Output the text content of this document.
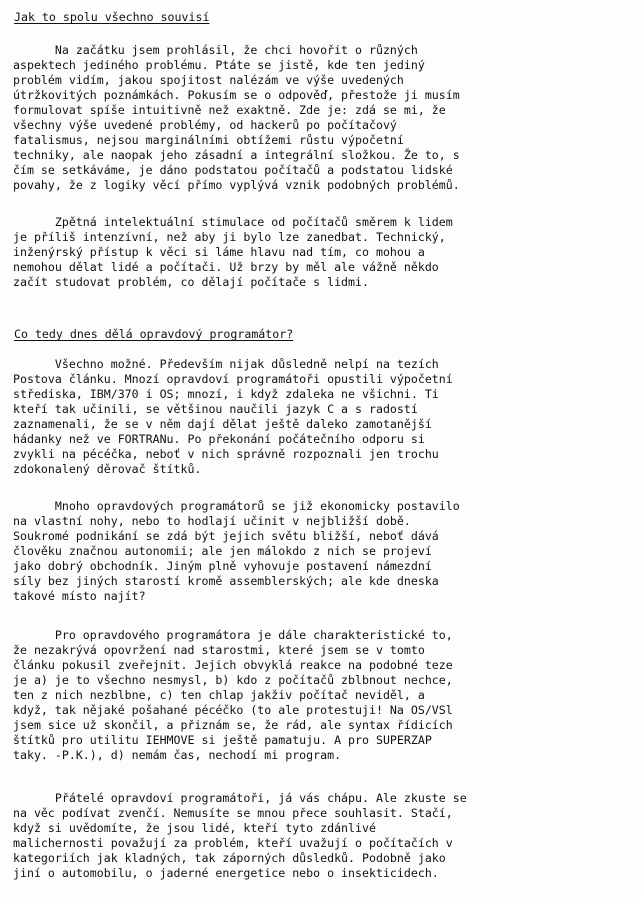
Jak to spolu všechno souvisí
Na začátku jsem prohlásil, že chci hovořit o různých
aspektech jediného problému. Ptáte se jistě, kde ten jediný
problém vidím, jakou spojitost nalézám ve výše uvedených
útržkovitých poznámkách. Pokusím se o odpověď, přestože ji musím
formulovat spíše intuitivně než exaktně. Zde je: zdá se mi, že
všechny výše uvedené problémy, od hackerů po počítačový
fatalismus, nejsou marginálními obtížemi růstu výpočetní
techniky, ale naopak jeho zásadní a integrální složkou. Že to, s
čím se setkáváme, je dáno podstatou počítačů a podstatou lidské
povahy, že z logiky věcí přímo vyplývá vznik podobných problémů.
Zpětná intelektuální stimulace od počítačů směrem k lidem
je příliš intenzívní, než aby ji bylo lze zanedbat. Technický,
inženýrský přístup k věci si láme hlavu nad tím, co mohou a
nemohou dělat lidé a počítači. Už brzy by měl ale vážně někdo
začít studovat problém, co dělají počítače s lidmi.
Co tedy dnes dělá opravdový programátor?
Všechno možné. Především nijak důsledně nelpí na tezích
Postova článku. Mnozí opravdoví programátoři opustili výpočetní
střediska, IBM/370 i OS; mnozí, i když zdaleka ne všichni. Ti
kteří tak učinili, se většinou naučili jazyk C a s radostí
zaznamenali, že se v něm dají dělat ještě daleko zamotanější
hádanky než ve FORTRANu. Po překonání počátečního odporu si
zvykli na pécéčka, neboť v nich správně rozpoznali jen trochu
zdokonalený děrovač štítků.
Mnoho opravdových programátorů se již ekonomicky postavilo
na vlastní nohy, nebo to hodlají učinit v nejbližší době.
Soukromé podnikání se zdá být jejich světu bližší, neboť dává
člověku značnou autonomii; ale jen málokdo z nich se projeví
jako dobrý obchodník. Jiným plně vyhovuje postavení námezdní
síly bez jiných starostí kromě assemblerských; ale kde dneska
takové místo najít?
Pro opravdového programátora je dále charakteristické to,
že nezakrývá opovržení nad starostmi, které jsem se v tomto
článku pokusil zveřejnit. Jejich obvyklá reakce na podobné teze
je a) je to všechno nesmysl, b) kdo z počítačů zblbnout nechce,
ten z nich nezblbne, c) ten chlap jakživ počítač neviděl, a
když, tak nějaké pošahané pécéčko (to ale protestuji! Na OS/VSl
jsem sice už skončil, a přiznám se, že rád, ale syntax řídicích
štítků pro utilitu IEHMOVE si ještě pamatuju. A pro SUPERZAP
taky. -P.K.), d) nemám čas, nechodí mi program.
Přátelé opravdoví programátoři, já vás chápu. Ale zkuste se
na věc podívat zvenčí. Nemusíte se mnou přece souhlasit. Stačí,
když si uvědomíte, že jsou lidé, kteří tyto zdánlivé
malichernosti považují za problém, kteří uvažují o počítačích v
kategoriích jak kladných, tak záporných důsledků. Podobně jako
jiní o automobilu, o jaderné energetice nebo o insekticidech.
